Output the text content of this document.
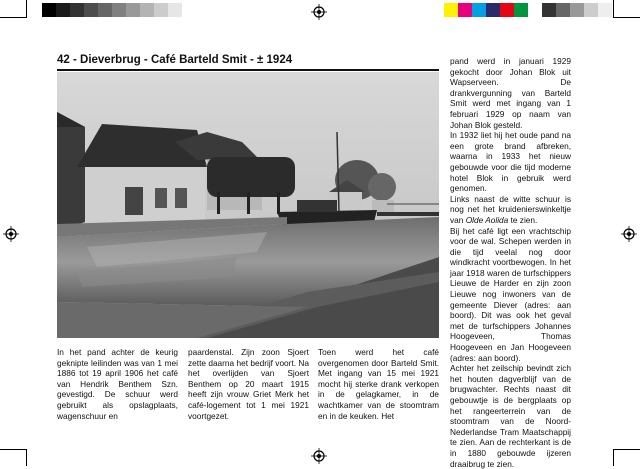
42 - Dieverbrug - Café Barteld Smit - ± 1924

In het pand achter de keurig geknipte leilinden was van 1 mei 1886 tot 19 april 1906 het café van Hendrik Benthem Szn. gevestigd. De schuur werd gebruikt als opslagplaats, wagenschuur en

paardenstal. Zijn zoon Sjoert zette daarna het bedrijf voort. Na het overlijden van Sjoert Benthem op 20 maart 1915 heeft zijn vrouw Griet Merk het café-logement tot 1 mei 1921 voortgezet.

Toen werd het café overgenomen door Barteld Smit. Met ingang van 15 mei 1921 mocht hij sterke drank verkopen in de gelagkamer, in de wachtkamer van de stoomtram en in de keuken. Het

pand werd in januari 1929 gekocht door Johan Blok uit Wapserveen. De drankvergunning van Barteld Smit werd met ingang van 1 februari 1929 op naam van Johan Blok gesteld.

In 1932 liet hij het oude pand na een grote brand afbreken, waarna in 1933 het nieuw gebouwde voor die tijd moderne hotel Blok in gebruik werd genomen.

Links naast de witte schuur is nog net het kruidenierswinkeltje van Olde Aolida te zien.

Bij het café ligt een vrachtschip voor de wal. Schepen werden in die tijd veelal nog door windkracht voortbewogen. In het jaar 1918 waren de turfschippers Lieuwe de Harder en zijn zoon Lieuwe nog inwoners van de gemeente Diever (adres: aan boord). Dit was ook het geval met de turfschippers Johannes Hoogeveen, Thomas Hoogeveen en Jan Hoogeveen (adres: aan boord).

Achter het zeilschip bevindt zich het houten dagverblijf van de brugwachter. Rechts naast dit gebouwtje is de bergplaats op het rangeerterrein van de stoomtram van de Noord-Nederlandse Tram Maatschappij te zien. Aan de rechterkant is de in 1880 gebouwde ijzeren draaibrug te zien.
